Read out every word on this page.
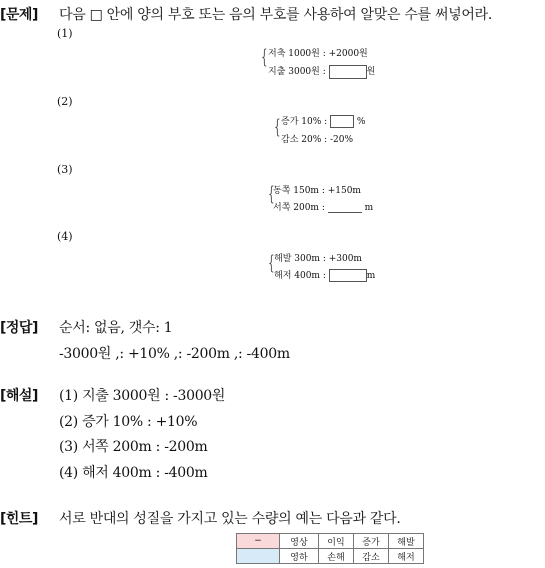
[문제] 다음 □ 안에 양의 부호 또는 음의 부호를 사용하여 알맞은 수를 써넣어라.
(1)
{ 저축 1000원 : +2000원
지출 3000원 :	원
(2)
{ 증가 10% :	%
감소 20% : -20%
(3)
{
동쪽 150m : +150m
서쪽 200m :	m
(4)
{ 해발 300m : +300m
해저 400m :	m
[정답] 순서: 없음, 갯수: 1
-3000원 ,: +10% ,: -200m ,: -400m
[해설] (1) 지출 3000원 : -3000원
(2) 증가 10% : +10%
(3) 서쪽 200m : -200m
(4) 해저 400m : -400m
[힌트] 서로 반대의 성질을 가지고 있는 수량의 예는 다음과 같다.
−	영상	이익	증가	해발
	영하	손해	감소	해저
